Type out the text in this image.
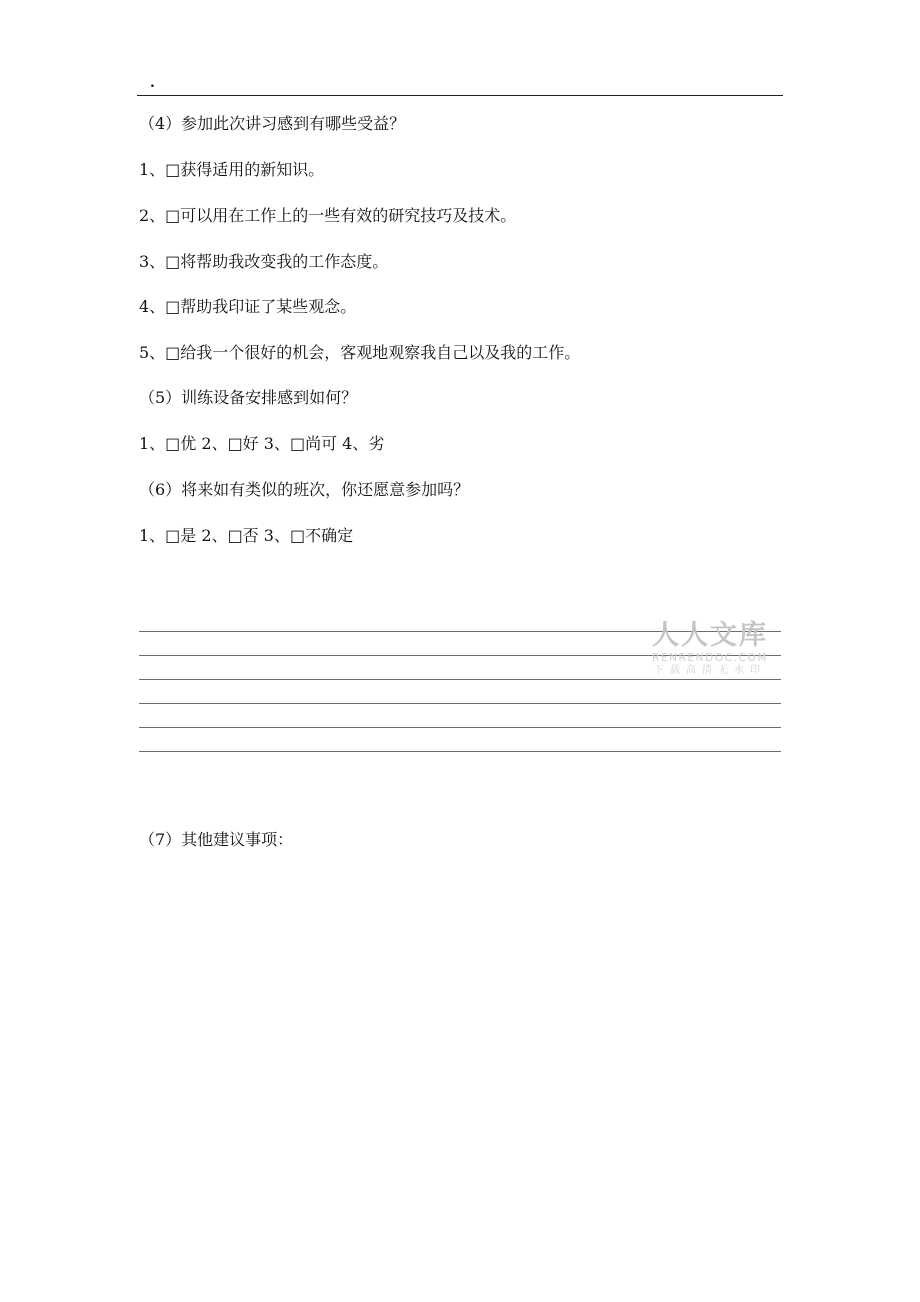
.
（4）参加此次讲习感到有哪些受益？
1、□获得适用的新知识。
2、□可以用在工作上的一些有效的研究技巧及技术。
3、□将帮助我改变我的工作态度。
4、□帮助我印证了某些观念。
5、□给我一个很好的机会，客观地观察我自己以及我的工作。
（5）训练设备安排感到如何？
1、□优 2、□好 3、□尚可 4、劣
（6）将来如有类似的班次，你还愿意参加吗？
1、□是 2、□否 3、□不确定
人人文库
RENRENDOC.COM
下载高清无水印
（7）其他建议事项：
